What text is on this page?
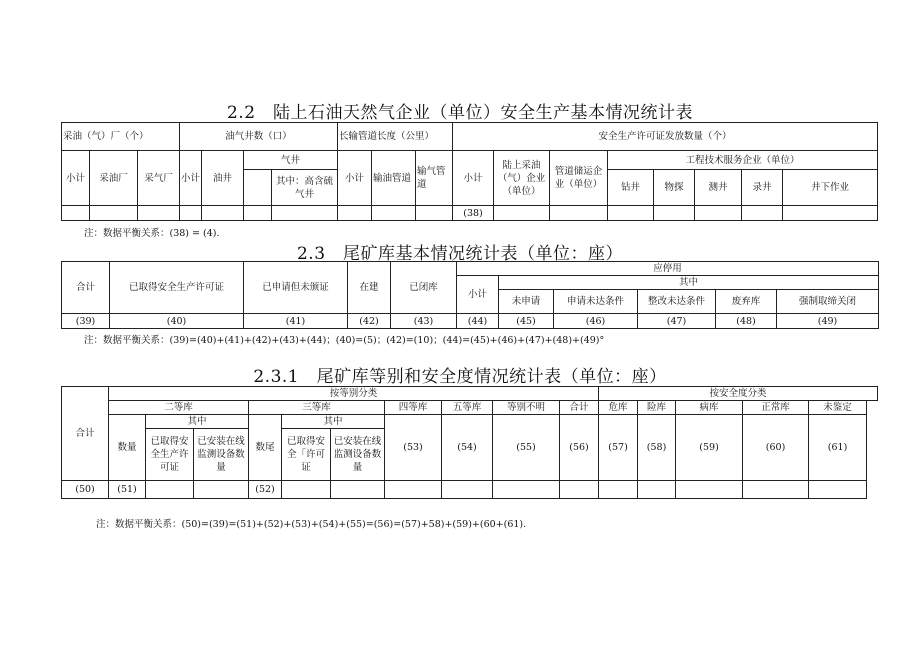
2.2　陆上石油天然气企业（单位）安全生产基本情况统计表
采油（气）厂（个）			油气井数（口）				长输管道长度（公里）			安全生产许可证发放数量（个）							
小计	采油厂	采气厂	小计	油井	气井		小计	输油管道	输气管道	小计	陆上采油（气）企业（单位）	管道储运企业（单位）	工程技术服务企业（单位）				
						其中：高含硫气井							钻井	物探	测井	录井	井下作业

										(38)							
注：数据平衡关系：(38) = (4).
2.3　尾矿库基本情况统计表（单位：座）
合计	已取得安全生产许可证	已申请但未颁证	在建	已闭库	应停用					
					小计	其中				
						未申请	申请未达条件	整改未达条件	废弃库	强制取缔关闭
(39)	(40)	(41)	(42)	(43)	(44)	(45)	(46)	(47)	(48)	(49)
注：数据平衡关系：(39)=(40)+(41)+(42)+(43)+(44)；(40)=(5)；(42)=(10)；(44)=(45)+(46)+(47)+(48)+(49)°
2.3.1　尾矿库等别和安全度情况统计表（单位：座）
合计	按等别分类										按安全度分类				
	二等库			三等库			四等库	五等库	等别不明	合计	危库	险库	病库	正常库	未鉴定
	数量	其中		数尾	其中		(53)	(54)	(55)	(56)	(57)	(58)	(59)	(60)	(61)
		已取得安全生产许可证	已安装在线监测设备数量		已取得安全「许可证	已安装在线监测设备数量									
(50)	(51)			(52)											
注：数据平衡关系：(50)=(39)=(51)+(52)+(53)+(54)+(55)=(56)=(57)+58)+(59)+(60+(61).
